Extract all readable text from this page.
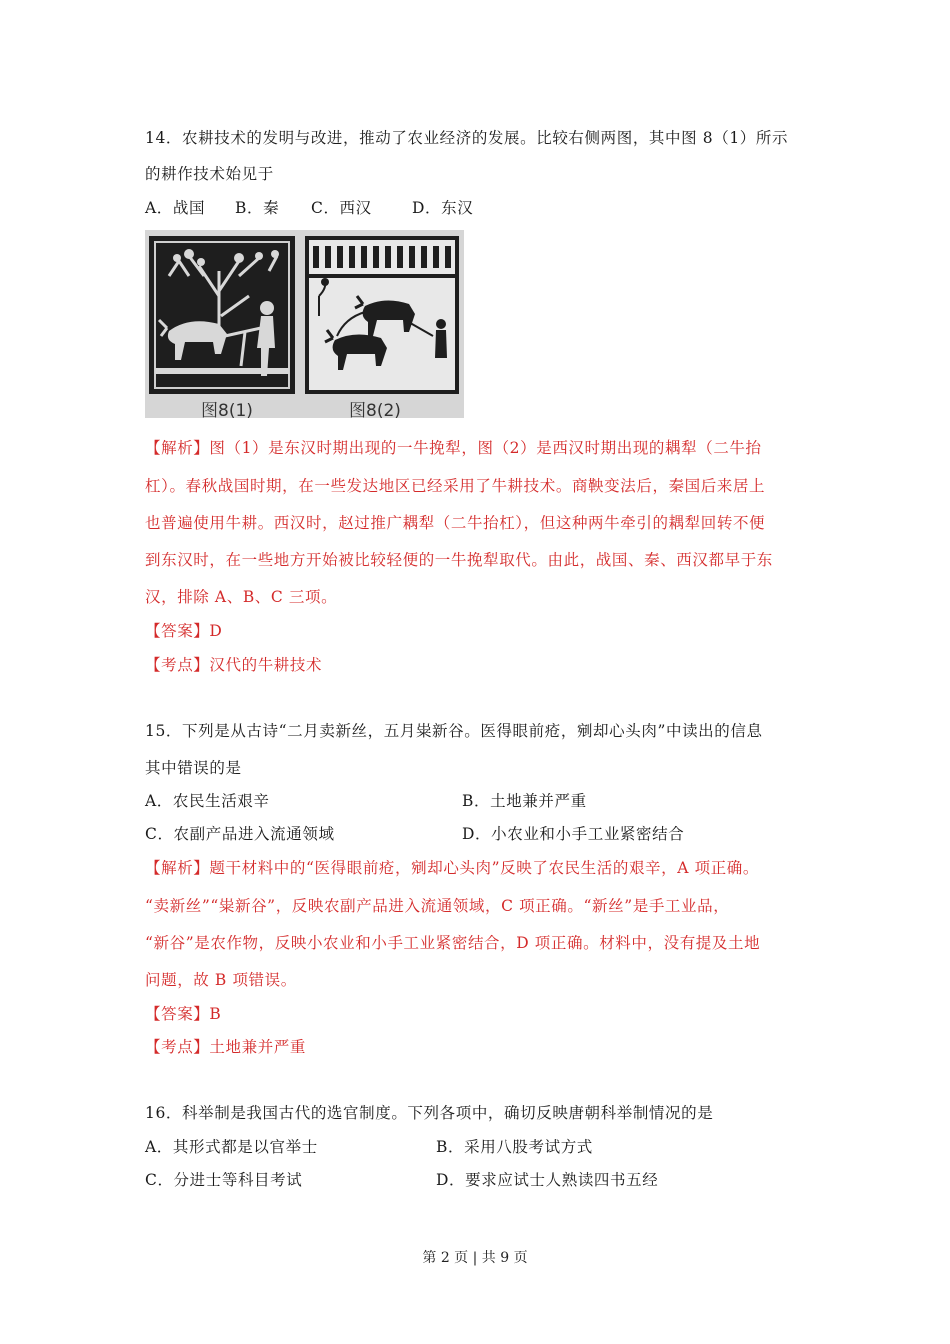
14．农耕技术的发明与改进，推动了农业经济的发展。比较右侧两图，其中图 8（1）所示
的耕作技术始见于
A．战国 B．秦 C．西汉	D．东汉
图8(1)	图8(2)
【解析】图（1）是东汉时期出现的一牛挽犁，图（2）是西汉时期出现的耦犁（二牛抬
杠）。春秋战国时期，在一些发达地区已经采用了牛耕技术。商鞅变法后，秦国后来居上
也普遍使用牛耕。西汉时，赵过推广耦犁（二牛抬杠），但这种两牛牵引的耦犁回转不便
到东汉时，在一些地方开始被比较轻便的一牛挽犁取代。由此，战国、秦、西汉都早于东
汉，排除 A、B、C 三项。
【答案】D
【考点】汉代的牛耕技术
15．下列是从古诗“二月卖新丝，五月粜新谷。医得眼前疮，剜却心头肉”中读出的信息
其中错误的是
A．农民生活艰辛	B．土地兼并严重
C．农副产品进入流通领域	D．小农业和小手工业紧密结合
【解析】题干材料中的“医得眼前疮，剜却心头肉”反映了农民生活的艰辛，A 项正确。
“卖新丝”“粜新谷”，反映农副产品进入流通领域，C 项正确。“新丝”是手工业品，
“新谷”是农作物，反映小农业和小手工业紧密结合，D 项正确。材料中，没有提及土地
问题，故 B 项错误。
【答案】B
【考点】土地兼并严重
16．科举制是我国古代的选官制度。下列各项中，确切反映唐朝科举制情况的是
A．其形式都是以官举士	B．采用八股考试方式
C．分进士等科目考试	D．要求应试士人熟读四书五经
第 2 页 | 共 9 页
